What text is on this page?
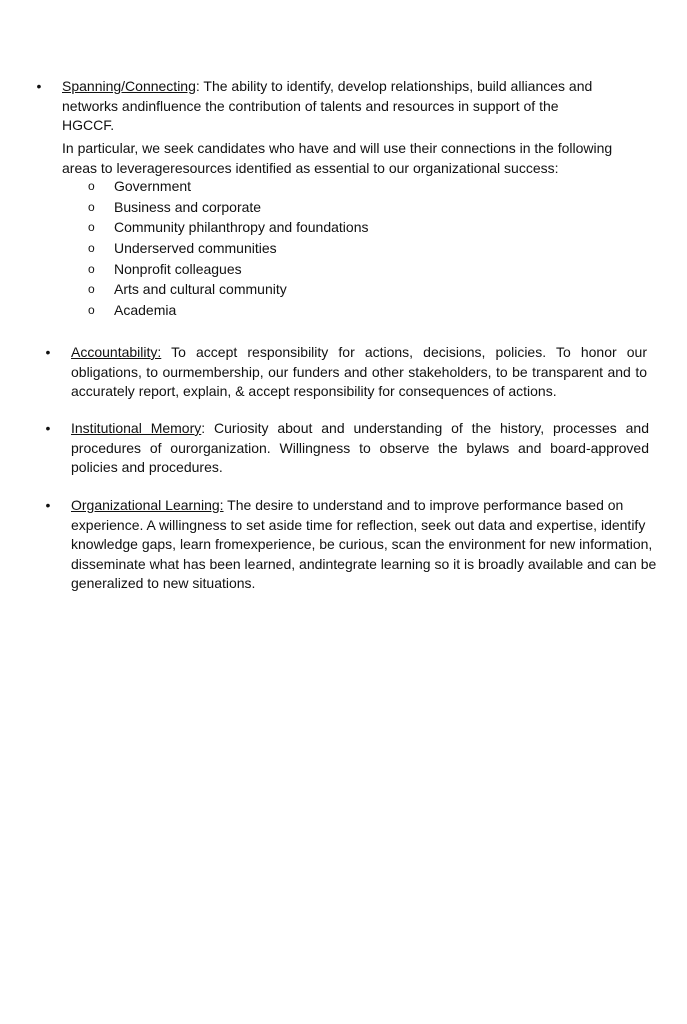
•
Spanning/Connecting: The ability to identify, develop relationships, build alliances and networks andinfluence the contribution of talents and resources in support of the HGCCF.
In particular, we seek candidates who have and will use their connections in the following areas to leverageresources identified as essential to our organizational success:
o Government
o Business and corporate
o Community philanthropy and foundations
o Underserved communities
o Nonprofit colleagues
o Arts and cultural community
o Academia
•
Accountability: To accept responsibility for actions, decisions, policies. To honor our obligations, to ourmembership, our funders and other stakeholders, to be transparent and to accurately report, explain, & accept responsibility for consequences of actions.
•
Institutional Memory: Curiosity about and understanding of the history, processes and procedures of ourorganization. Willingness to observe the bylaws and board-approved policies and procedures.
•
Organizational Learning: The desire to understand and to improve performance based on experience. A willingness to set aside time for reflection, seek out data and expertise, identify knowledge gaps, learn fromexperience, be curious, scan the environment for new information, disseminate what has been learned, andintegrate learning so it is broadly available and can be generalized to new situations.
